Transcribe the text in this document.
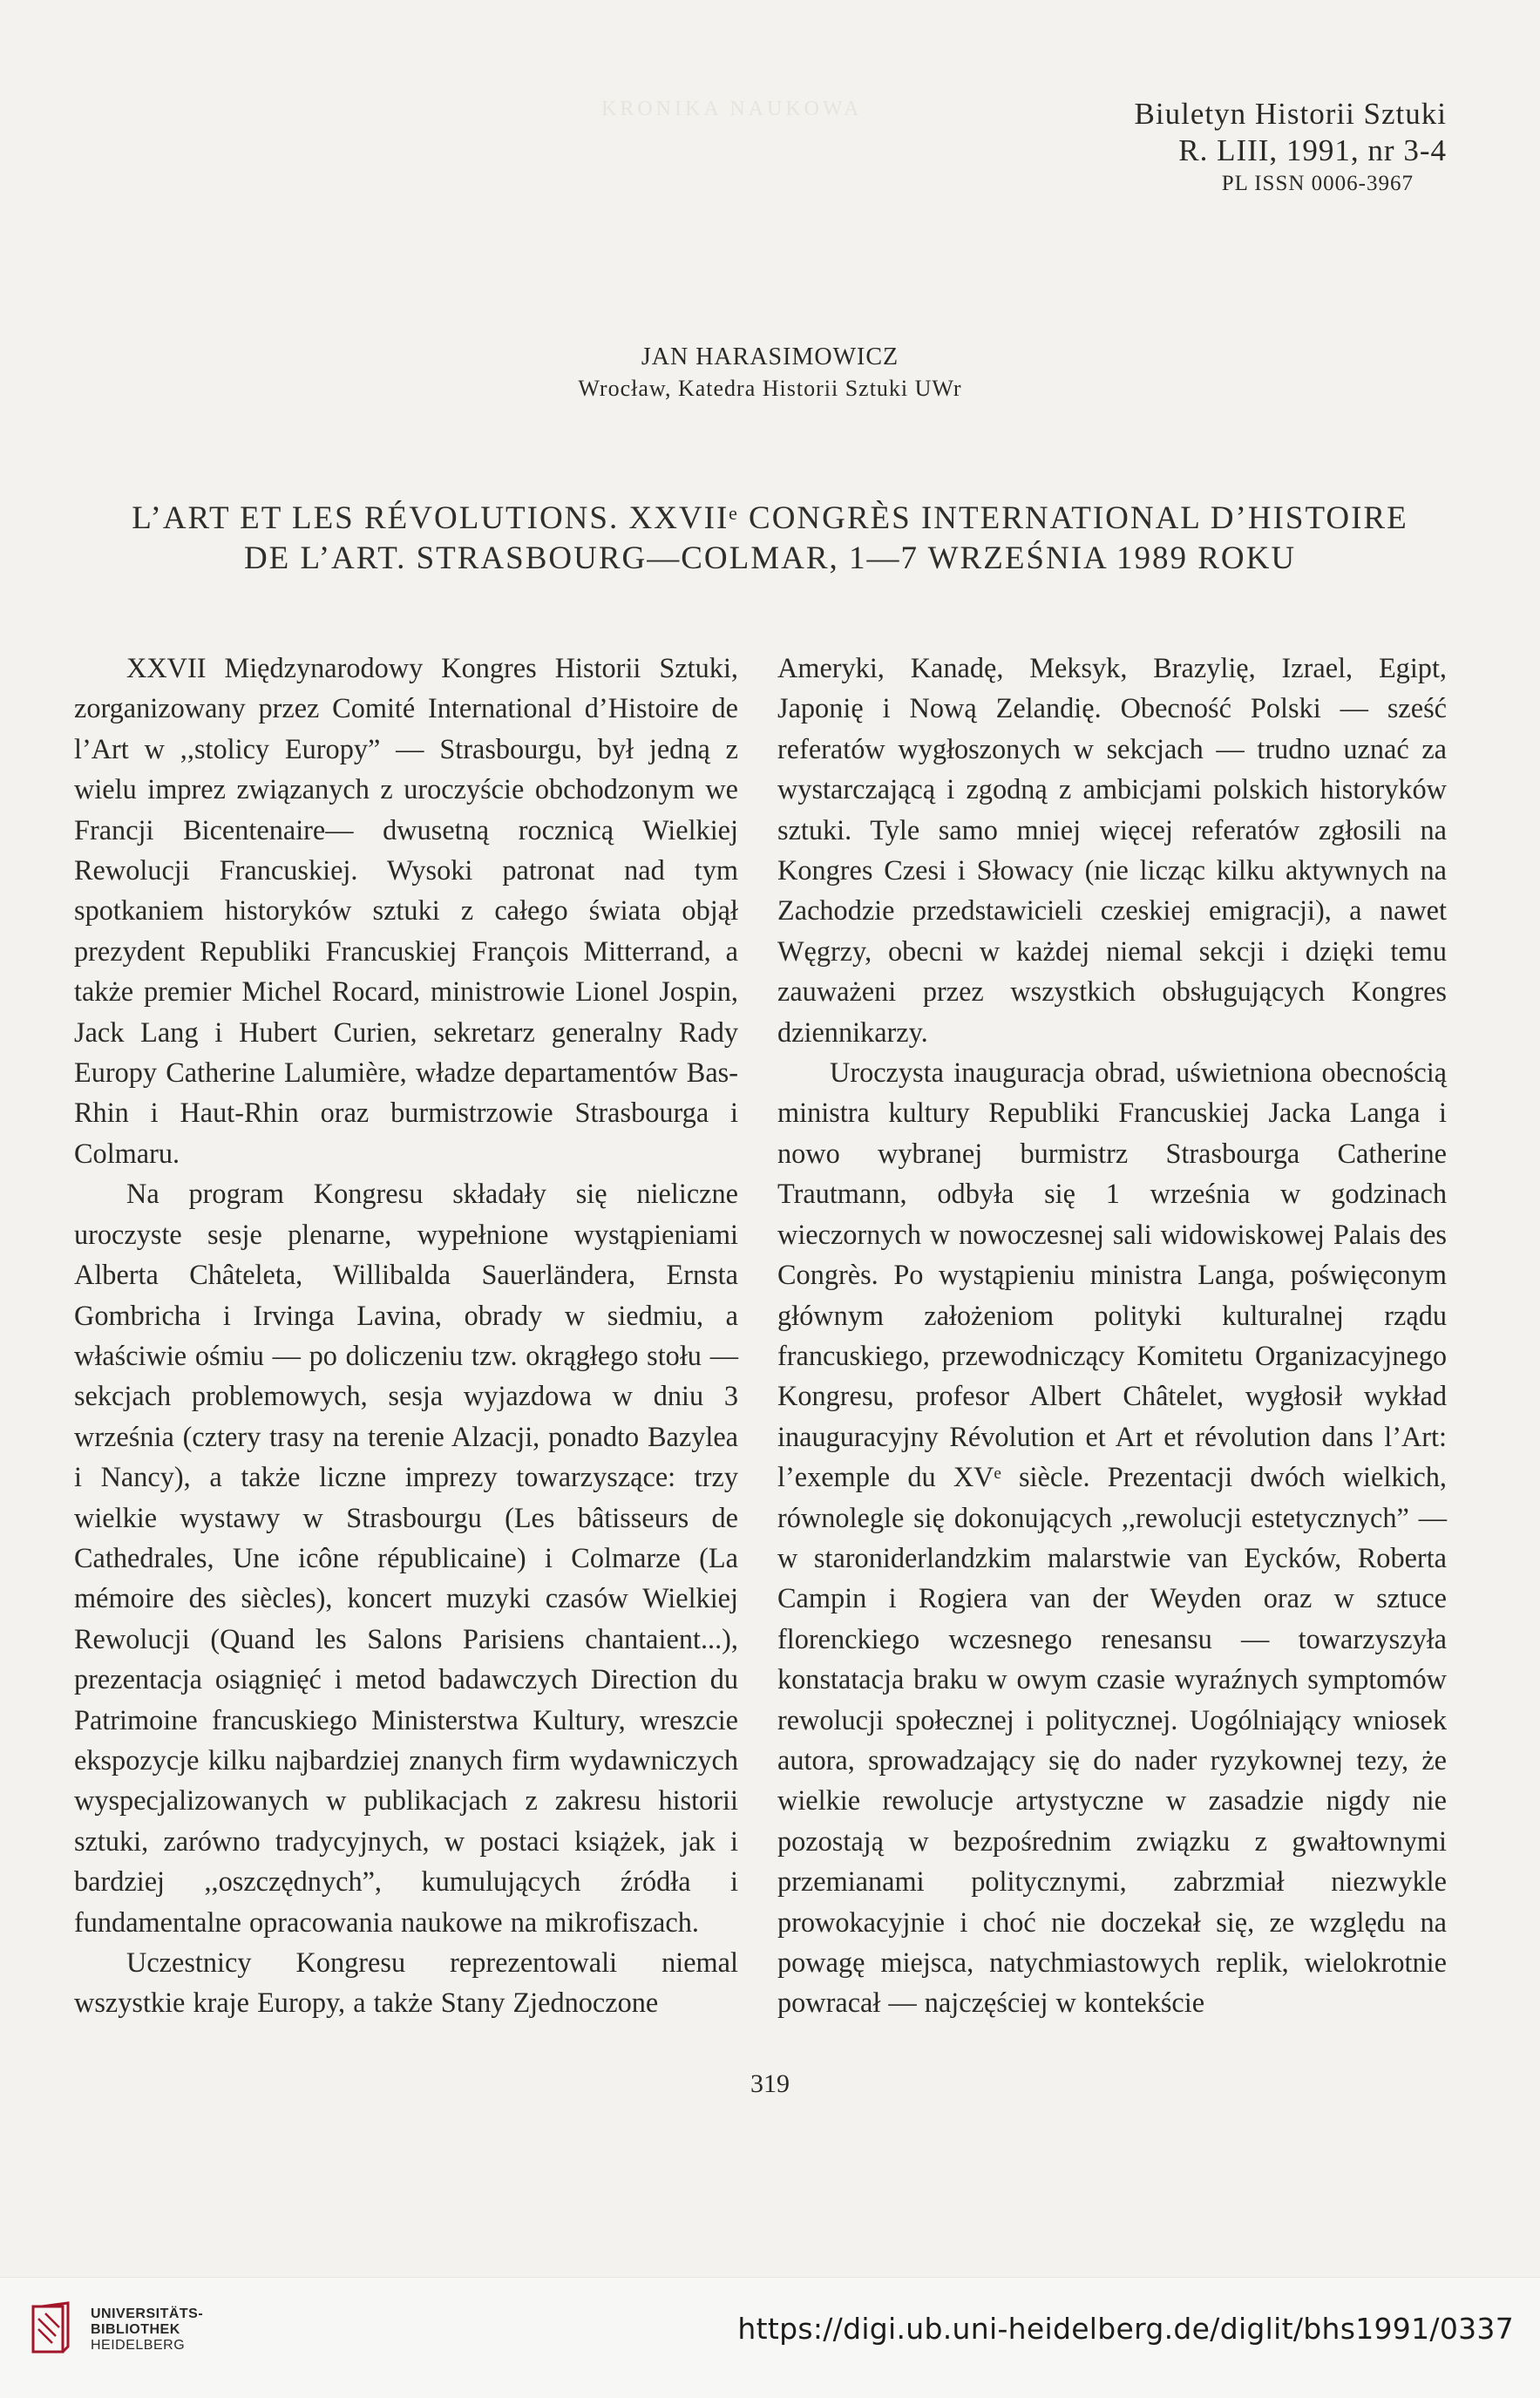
KRONIKA NAUKOWA	Biuletyn Historii Sztuki
R. LIII, 1991, nr 3-4
PL ISSN 0006-3967
JAN HARASIMOWICZ
Wrocław, Katedra Historii Sztuki UWr
L’ART ET LES RÉVOLUTIONS. XXVIIᵉ CONGRÈS INTERNATIONAL D’HISTOIRE
DE L’ART. STRASBOURG—COLMAR, 1—7 WRZEŚNIA 1989 ROKU

XXVII Międzynarodowy Kongres Historii Sztuki, zorganizowany przez Comité International d’Histoire de l’Art w ,,stolicy Europy” — Strasbourgu, był jedną z wielu imprez związanych z uroczyście obchodzonym we Francji Bicentenaire— dwusetną rocznicą Wielkiej Rewolucji Francuskiej. Wysoki patronat nad tym spotkaniem historyków sztuki z całego świata objął prezydent Republiki Francuskiej François Mitterrand, a także premier Michel Rocard, ministrowie Lionel Jospin, Jack Lang i Hubert Curien, sekretarz generalny Rady Europy Catherine Lalumière, władze departamentów Bas-Rhin i Haut-Rhin oraz burmistrzowie Strasbourga i Colmaru.

Na program Kongresu składały się nieliczne uroczyste sesje plenarne, wypełnione wystąpieniami Alberta Châteleta, Willibalda Sauerländera, Ernsta Gombricha i Irvinga Lavina, obrady w siedmiu, a właściwie ośmiu — po doliczeniu tzw. okrągłego stołu — sekcjach problemowych, sesja wyjazdowa w dniu 3 września (cztery trasy na terenie Alzacji, ponadto Bazylea i Nancy), a także liczne imprezy towarzyszące: trzy wielkie wystawy w Strasbourgu (Les bâtisseurs de Cathedrales, Une icône républicaine) i Colmarze (La mémoire des siècles), koncert muzyki czasów Wielkiej Rewolucji (Quand les Salons Parisiens chantaient...), prezentacja osiągnięć i metod badawczych Direction du Patrimoine francuskiego Ministerstwa Kultury, wreszcie ekspozycje kilku najbardziej znanych firm wydawniczych wyspecjalizowanych w publikacjach z zakresu historii sztuki, zarówno tradycyjnych, w postaci książek, jak i bardziej ,,oszczędnych”, kumulujących źródła i fundamentalne opracowania naukowe na mikrofiszach.

Uczestnicy Kongresu reprezentowali niemal wszystkie kraje Europy, a także Stany Zjednoczone

Ameryki, Kanadę, Meksyk, Brazylię, Izrael, Egipt, Japonię i Nową Zelandię. Obecność Polski — sześć referatów wygłoszonych w sekcjach — trudno uznać za wystarczającą i zgodną z ambicjami polskich historyków sztuki. Tyle samo mniej więcej referatów zgłosili na Kongres Czesi i Słowacy (nie licząc kilku aktywnych na Zachodzie przedstawicieli czeskiej emigracji), a nawet Węgrzy, obecni w każdej niemal sekcji i dzięki temu zauważeni przez wszystkich obsługujących Kongres dziennikarzy.

Uroczysta inauguracja obrad, uświetniona obecnością ministra kultury Republiki Francuskiej Jacka Langa i nowo wybranej burmistrz Strasbourga Catherine Trautmann, odbyła się 1 września w godzinach wieczornych w nowoczesnej sali widowiskowej Palais des Congrès. Po wystąpieniu ministra Langa, poświęconym głównym założeniom polityki kulturalnej rządu francuskiego, przewodniczący Komitetu Organizacyjnego Kongresu, profesor Albert Châtelet, wygłosił wykład inauguracyjny Révolution et Art et révolution dans l’Art: l’exemple du XVᵉ siècle. Prezentacji dwóch wielkich, równolegle się dokonujących ,,rewolucji estetycznych” — w staroniderlandzkim malarstwie van Eycków, Roberta Campin i Rogiera van der Weyden oraz w sztuce florenckiego wczesnego renesansu — towarzyszyła konstatacja braku w owym czasie wyraźnych symptomów rewolucji społecznej i politycznej. Uogólniający wniosek autora, sprowadzający się do nader ryzykownej tezy, że wielkie rewolucje artystyczne w zasadzie nigdy nie pozostają w bezpośrednim związku z gwałtownymi przemianami politycznymi, zabrzmiał niezwykle prowokacyjnie i choć nie doczekał się, ze względu na powagę miejsca, natychmiastowych replik, wielokrotnie powracał — najczęściej w kontekście

319
UNIVERSITÄTS-
BIBLIOTHEK
HEIDELBERG	https://digi.ub.uni-heidelberg.de/diglit/bhs1991/0337
